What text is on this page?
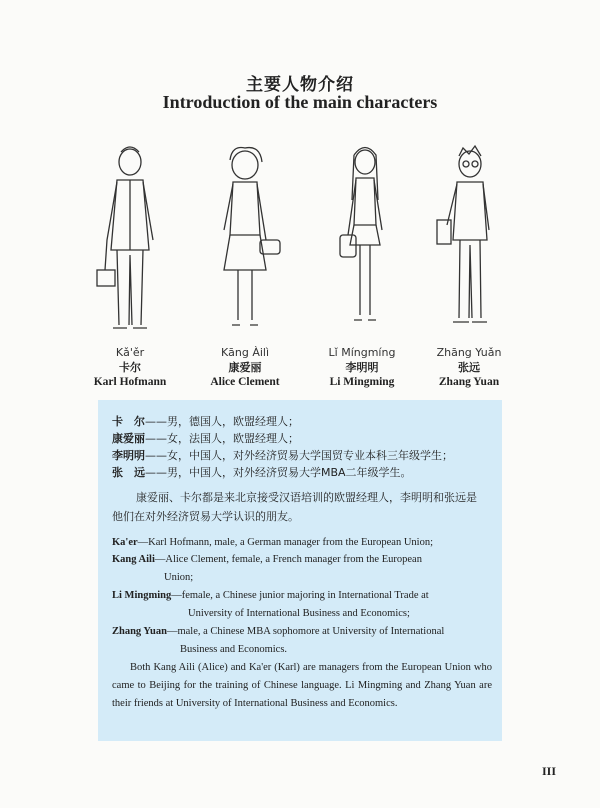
主要人物介绍
Introduction of the main characters
Kǎ'ěr
卡尔
Karl Hofmann
Kāng Àilì
康爱丽
Alice Clement
Lǐ Míngmíng
李明明
Li Mingming
Zhāng Yuǎn
张远
Zhang Yuan
卡　尔——男，德国人，欧盟经理人；
康爱丽——女，法国人，欧盟经理人；
李明明——女，中国人，对外经济贸易大学国贸专业本科三年级学生；
张　远——男，中国人，对外经济贸易大学MBA二年级学生。
康爱丽、卡尔都是来北京接受汉语培训的欧盟经理人，李明明和张远是他们在对外经济贸易大学认识的朋友。
Ka'er—Karl Hofmann, male, a German manager from the European Union;
Kang Aili—Alice Clement, female, a French manager from the European
Union;
Li Mingming—female, a Chinese junior majoring in International Trade at
University of International Business and Economics;
Zhang Yuan—male, a Chinese MBA sophomore at University of International
Business and Economics.
Both Kang Aili (Alice) and Ka'er (Karl) are managers from the European Union who came to Beijing for the training of Chinese language. Li Mingming and Zhang Yuan are their friends at University of International Business and Economics.
III
